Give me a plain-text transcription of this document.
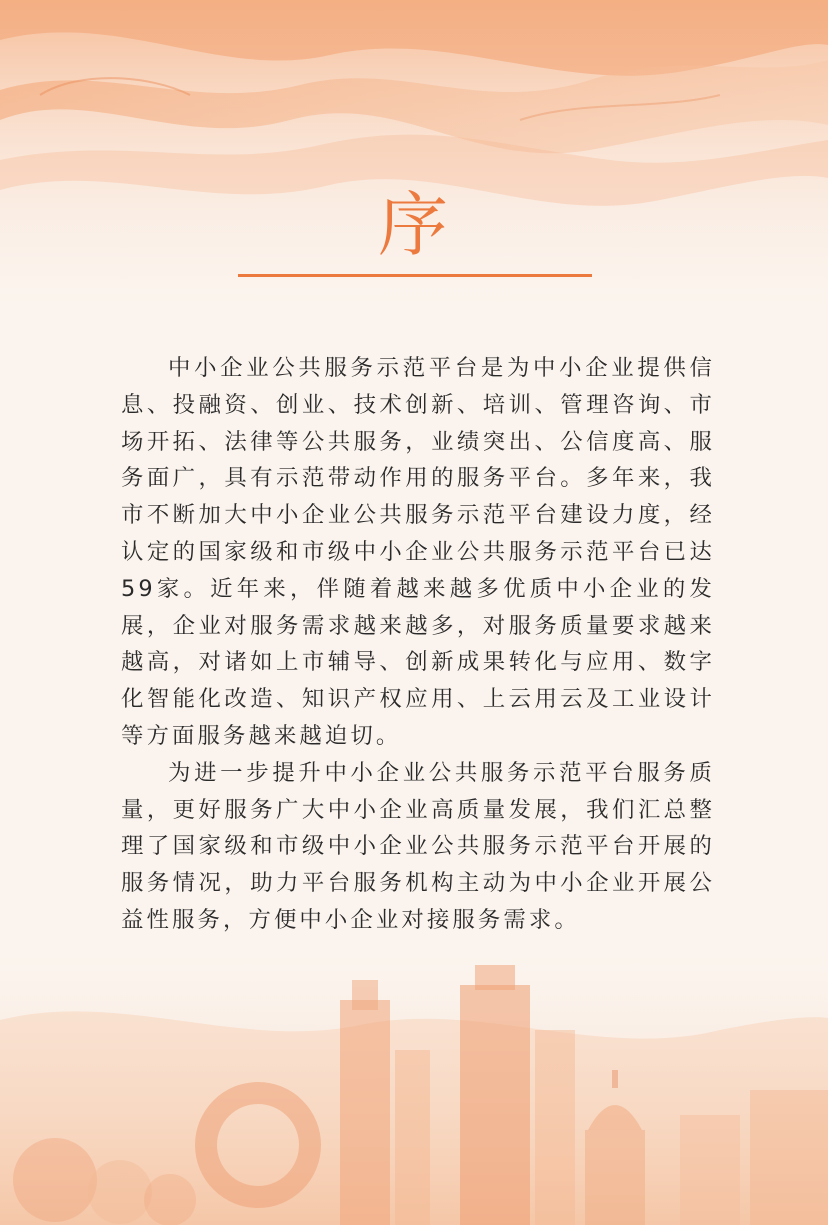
序

中小企业公共服务示范平台是为中小企业提供信息、投融资、创业、技术创新、培训、管理咨询、市场开拓、法律等公共服务，业绩突出、公信度高、服务面广，具有示范带动作用的服务平台。多年来，我市不断加大中小企业公共服务示范平台建设力度，经认定的国家级和市级中小企业公共服务示范平台已达59家。近年来，伴随着越来越多优质中小企业的发展，企业对服务需求越来越多，对服务质量要求越来越高，对诸如上市辅导、创新成果转化与应用、数字化智能化改造、知识产权应用、上云用云及工业设计等方面服务越来越迫切。

为进一步提升中小企业公共服务示范平台服务质量，更好服务广大中小企业高质量发展，我们汇总整理了国家级和市级中小企业公共服务示范平台开展的服务情况，助力平台服务机构主动为中小企业开展公益性服务，方便中小企业对接服务需求。
